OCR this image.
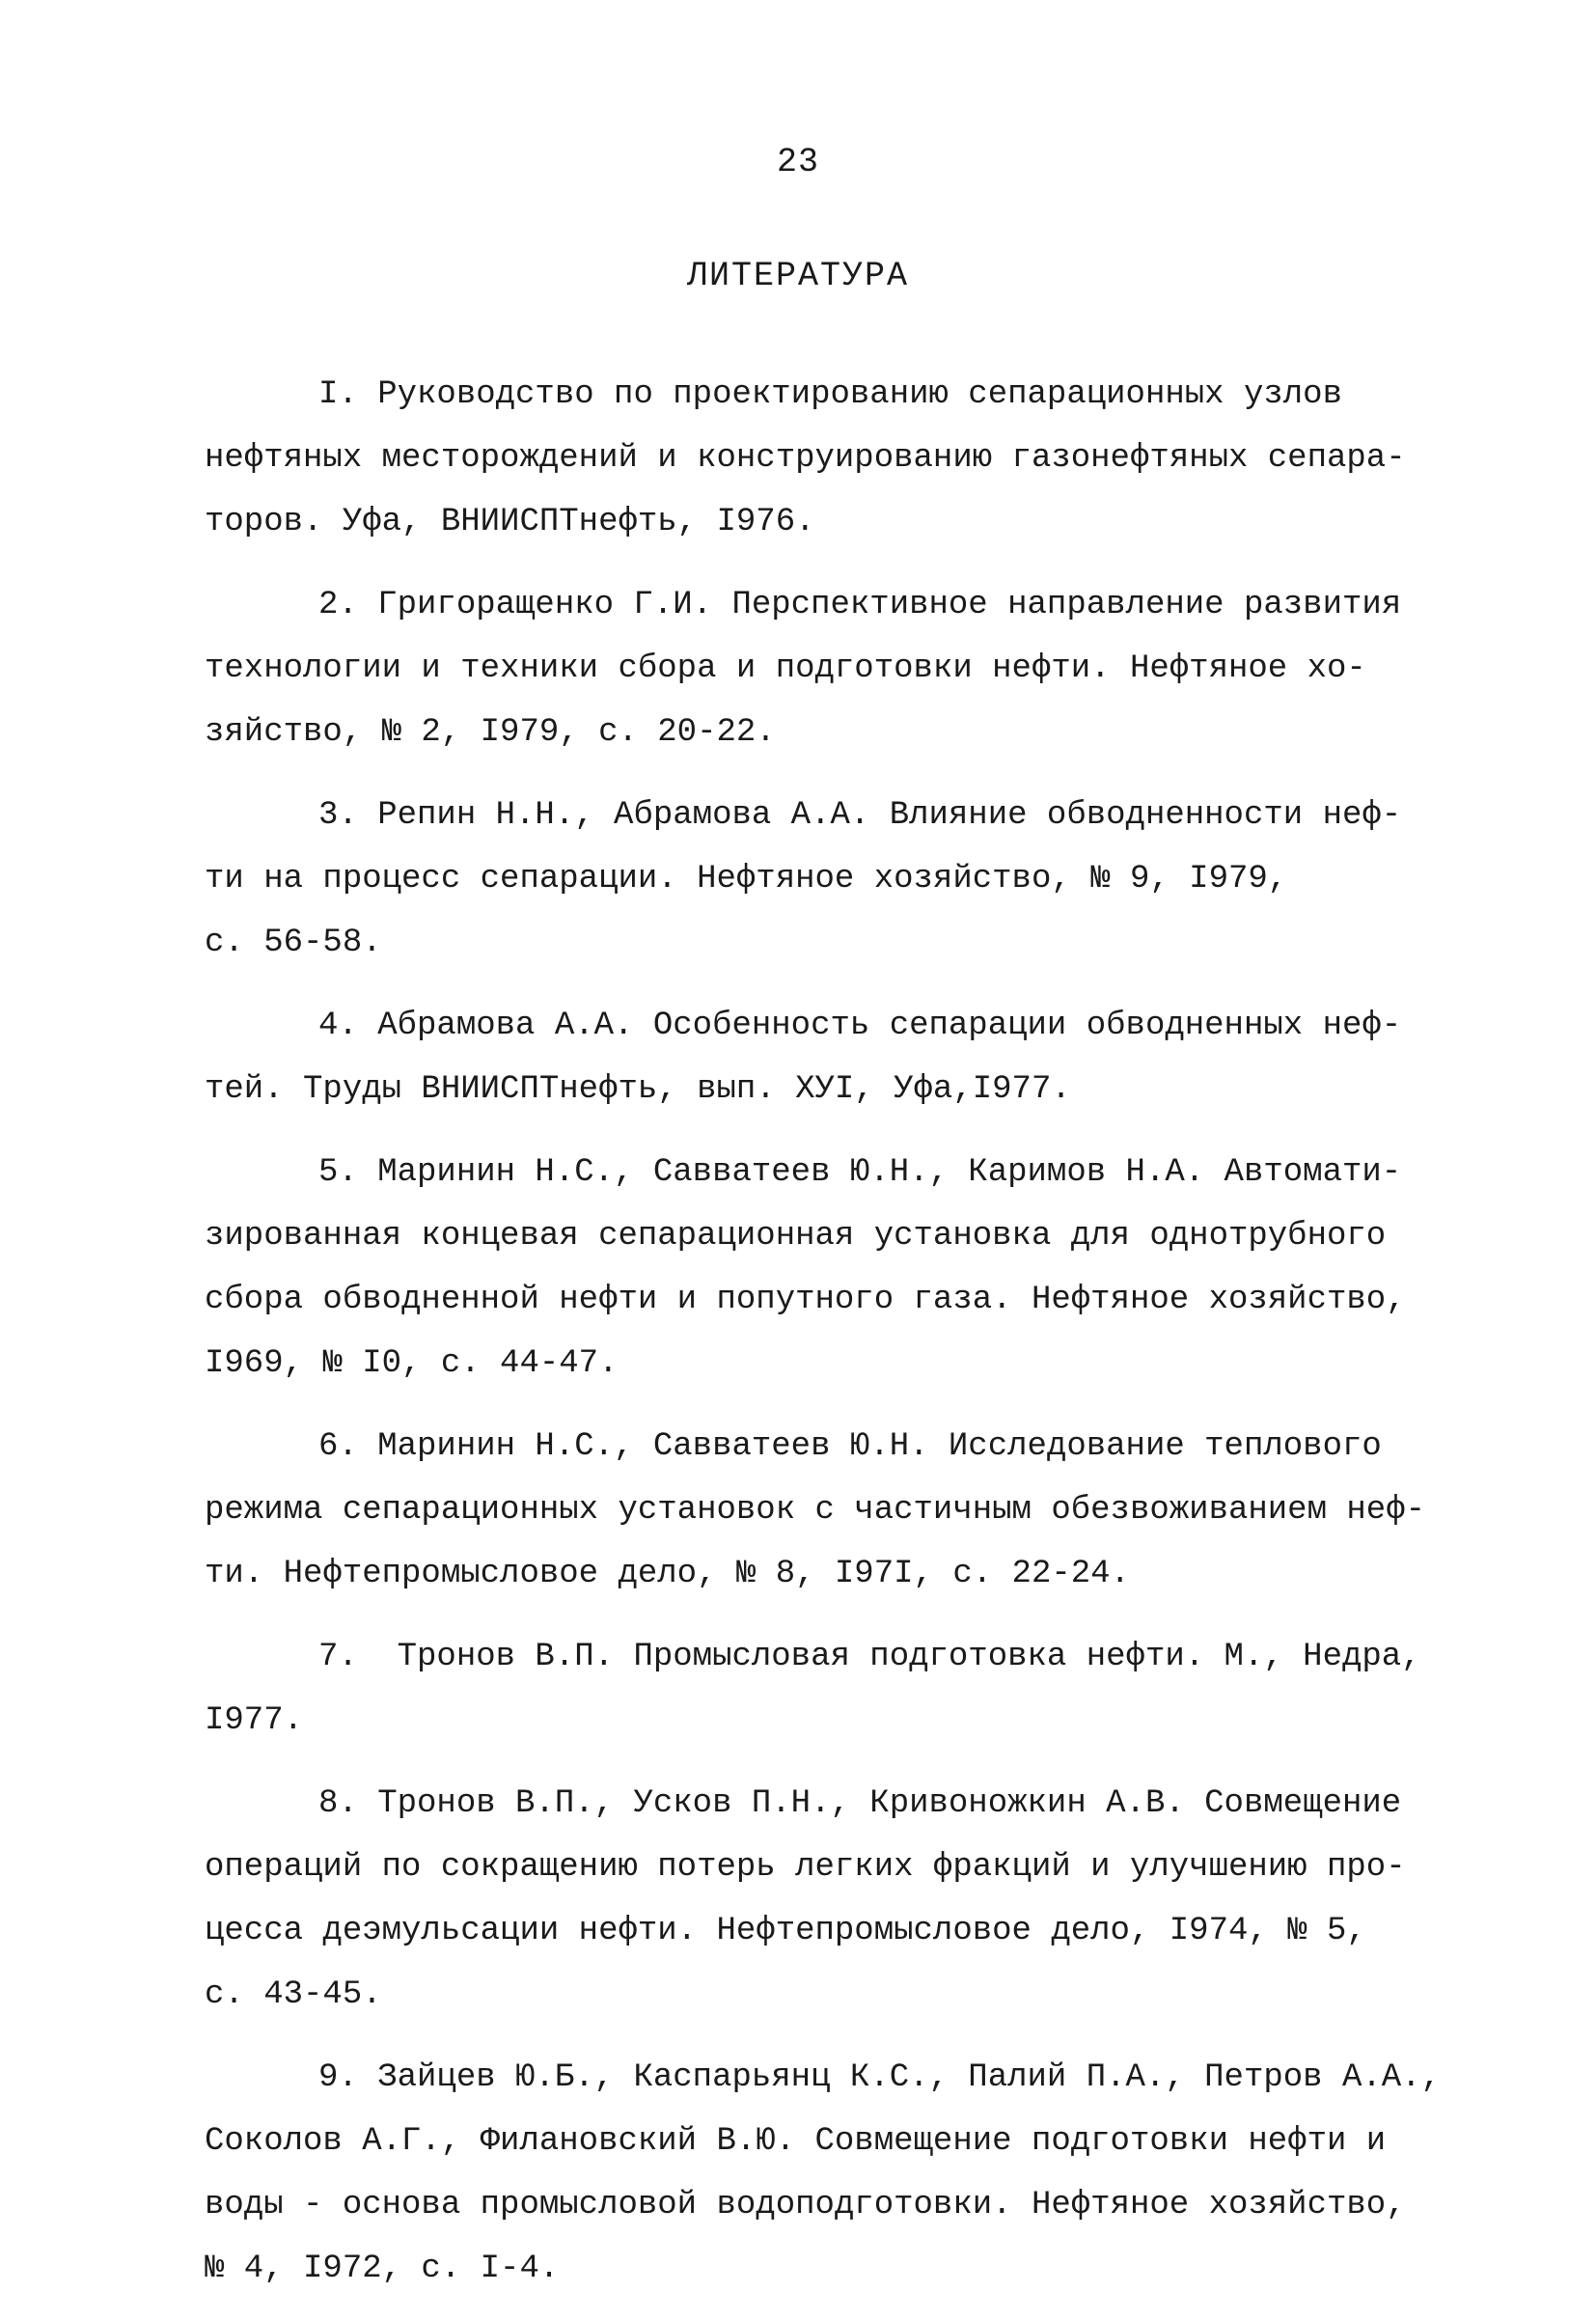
23
ЛИТЕРАТУРА
I. Руководство по проектированию сепарационных узлов
нефтяных месторождений и конструированию газонефтяных сепара-
торов. Уфа, ВНИИСПТнефть, I976.
2. Григоращенко Г.И. Перспективное направление развития
технологии и техники сбора и подготовки нефти. Нефтяное хо-
зяйство, № 2, I979, с. 20-22.
3. Репин Н.Н., Абрамова А.А. Влияние обводненности неф-
ти на процесс сепарации. Нефтяное хозяйство, № 9, I979,
с. 56-58.
4. Абрамова А.А. Особенность сепарации обводненных неф-
тей. Труды ВНИИСПТнефть, вып. ХУI, Уфа,I977.
5. Маринин Н.С., Савватеев Ю.Н., Каримов Н.А. Автомати-
зированная концевая сепарационная установка для однотрубного
сбора обводненной нефти и попутного газа. Нефтяное хозяйство,
I969, № I0, с. 44-47.
6. Маринин Н.С., Савватеев Ю.Н. Исследование теплового
режима сепарационных установок с частичным обезвоживанием неф-
ти. Нефтепромысловое дело, № 8, I97I, с. 22-24.
7.  Тронов В.П. Промысловая подготовка нефти. М., Недра,
I977.
8. Тронов В.П., Усков П.Н., Кривоножкин А.В. Совмещение
операций по сокращению потерь легких фракций и улучшению про-
цесса деэмульсации нефти. Нефтепромысловое дело, I974, № 5,
с. 43-45.
9. Зайцев Ю.Б., Каспарьянц К.С., Палий П.А., Петров А.А.,
Соколов А.Г., Филановский В.Ю. Совмещение подготовки нефти и
воды - основа промысловой водоподготовки. Нефтяное хозяйство,
№ 4, I972, с. I-4.
